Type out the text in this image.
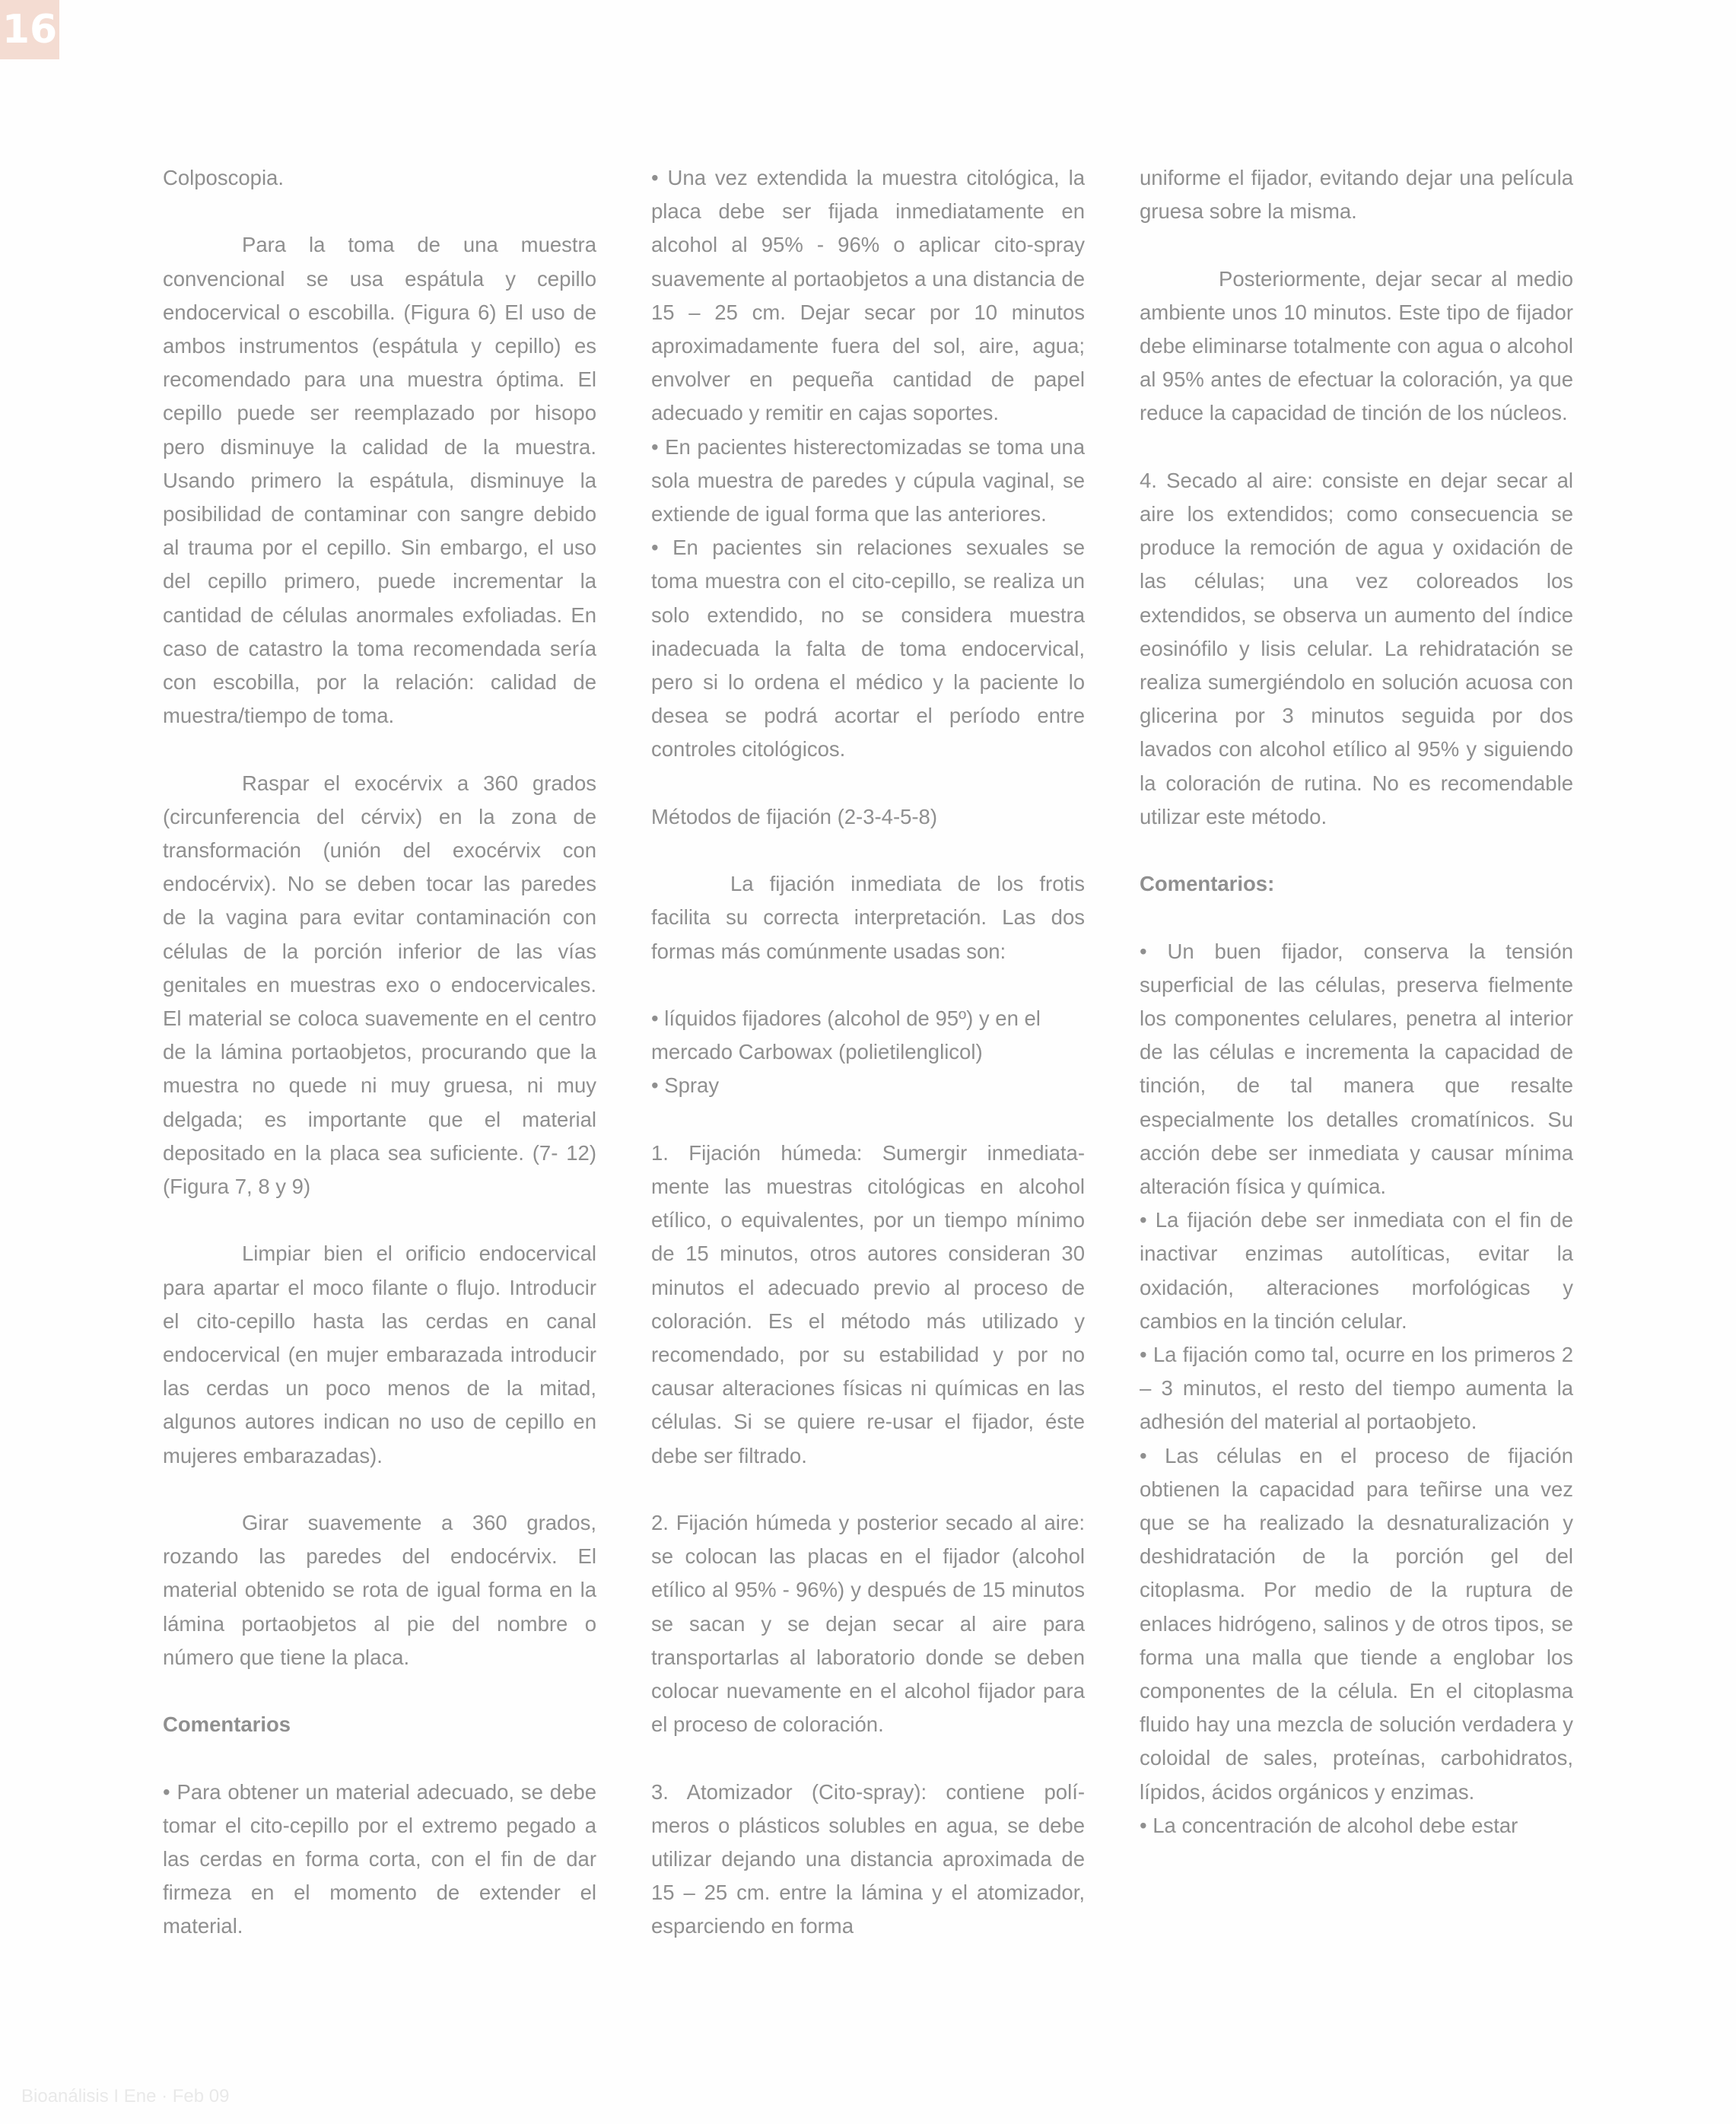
16

Colposcopia.

Para la toma de una muestra convencional se usa espátula y cepillo endocervical o escobilla. (Figura 6) El uso de ambos instrumentos (espátula y cepillo) es recomendado para una muestra óptima. El cepillo puede ser reemplazado por hisopo pero disminuye la calidad de la muestra. Usando primero la espátula, disminuye la posibilidad de contaminar con sangre debido al trauma por el cepillo. Sin embargo, el uso del cepillo primero, puede incrementar la cantidad de células anormales exfoliadas. En caso de catastro la toma recomendada sería con escobilla, por la relación: calidad de muestra/tiempo de toma.

Raspar el exocérvix a 360 grados (circunferencia del cérvix) en la zona de transformación (unión del exocérvix con endocérvix). No se deben tocar las paredes de la vagina para evitar contaminación con células de la porción inferior de las vías genitales en muestras exo o endocervicales. El material se coloca suavemente en el centro de la lámina portaobjetos, procurando que la muestra no quede ni muy gruesa, ni muy delgada; es importante que el material depositado en la placa sea suficiente. (7- 12) (Figura 7, 8 y 9)

Limpiar bien el orificio endocervical para apartar el moco filante o flujo. Introducir el cito-cepillo hasta las cerdas en canal endocervical (en mujer embarazada introducir las cerdas un poco menos de la mitad, algunos autores indican no uso de cepillo en mujeres embarazadas).

Girar suavemente a 360 grados, rozando las paredes del endocérvix. El material obtenido se rota de igual forma en la lámina portaobjetos al pie del nombre o número que tiene la placa.

Comentarios

• Para obtener un material adecuado, se debe tomar el cito-cepillo por el extremo pegado a las cerdas en forma corta, con el fin de dar firmeza en el momento de extender el material.

• Una vez extendida la muestra citológica, la placa debe ser fijada inmediatamente en alcohol al 95% - 96% o aplicar cito-spray suavemente al portaobjetos a una distancia de 15 – 25 cm. Dejar secar por 10 minutos aproximadamente fuera del sol, aire, agua; envolver en pequeña cantidad de papel adecuado y remitir en cajas soportes.

• En pacientes histerectomizadas se toma una sola muestra de paredes y cúpula vaginal, se extiende de igual forma que las anteriores.

• En pacientes sin relaciones sexuales se toma muestra con el cito-cepillo, se realiza un solo extendido, no se considera muestra inadecuada la falta de toma endocervical, pero si lo ordena el médico y la paciente lo desea se podrá acortar el período entre controles citológicos.

Métodos de fijación (2-3-4-5-8)

La fijación inmediata de los frotis facilita su correcta interpretación. Las dos formas más comúnmente usadas son:

• líquidos fijadores (alcohol de 95º) y en el mercado Carbowax (polietilenglicol)

• Spray

1. Fijación húmeda: Sumergir inmediata-mente las muestras citológicas en alcohol etílico, o equivalentes, por un tiempo mínimo de 15 minutos, otros autores consideran 30 minutos el adecuado previo al proceso de coloración. Es el método más utilizado y recomendado, por su estabilidad y por no causar alteraciones físicas ni químicas en las células. Si se quiere re-usar el fijador, éste debe ser filtrado.

2. Fijación húmeda y posterior secado al aire: se colocan las placas en el fijador (alcohol etílico al 95% - 96%) y después de 15 minutos se sacan y se dejan secar al aire para transportarlas al laboratorio donde se deben colocar nuevamente en el alcohol fijador para el proceso de coloración.

3. Atomizador (Cito-spray): contiene polí-meros o plásticos solubles en agua, se debe utilizar dejando una distancia aproximada de 15 – 25 cm. entre la lámina y el atomizador, esparciendo en forma

uniforme el fijador, evitando dejar una película gruesa sobre la misma.

Posteriormente, dejar secar al medio ambiente unos 10 minutos. Este tipo de fijador debe eliminarse totalmente con agua o alcohol al 95% antes de efectuar la coloración, ya que reduce la capacidad de tinción de los núcleos.

4. Secado al aire: consiste en dejar secar al aire los extendidos; como consecuencia se produce la remoción de agua y oxidación de las células; una vez coloreados los extendidos, se observa un aumento del índice eosinófilo y lisis celular. La rehidratación se realiza sumergiéndolo en solución acuosa con glicerina por 3 minutos seguida por dos lavados con alcohol etílico al 95% y siguiendo la coloración de rutina. No es recomendable utilizar este método.

Comentarios:

• Un buen fijador, conserva la tensión superficial de las células, preserva fielmente los componentes celulares, penetra al interior de las células e incrementa la capacidad de tinción, de tal manera que resalte especialmente los detalles cromatínicos. Su acción debe ser inmediata y causar mínima alteración física y química.

• La fijación debe ser inmediata con el fin de inactivar enzimas autolíticas, evitar la oxidación, alteraciones morfológicas y cambios en la tinción celular.

• La fijación como tal, ocurre en los primeros 2 – 3 minutos, el resto del tiempo aumenta la adhesión del material al portaobjeto.

• Las células en el proceso de fijación obtienen la capacidad para teñirse una vez que se ha realizado la desnaturalización y deshidratación de la porción gel del citoplasma. Por medio de la ruptura de enlaces hidrógeno, salinos y de otros tipos, se forma una malla que tiende a englobar los componentes de la célula. En el citoplasma fluido hay una mezcla de solución verdadera y coloidal de sales, proteínas, carbohidratos, lípidos, ácidos orgánicos y enzimas.

• La concentración de alcohol debe estar

Bioanálisis I Ene · Feb 09
